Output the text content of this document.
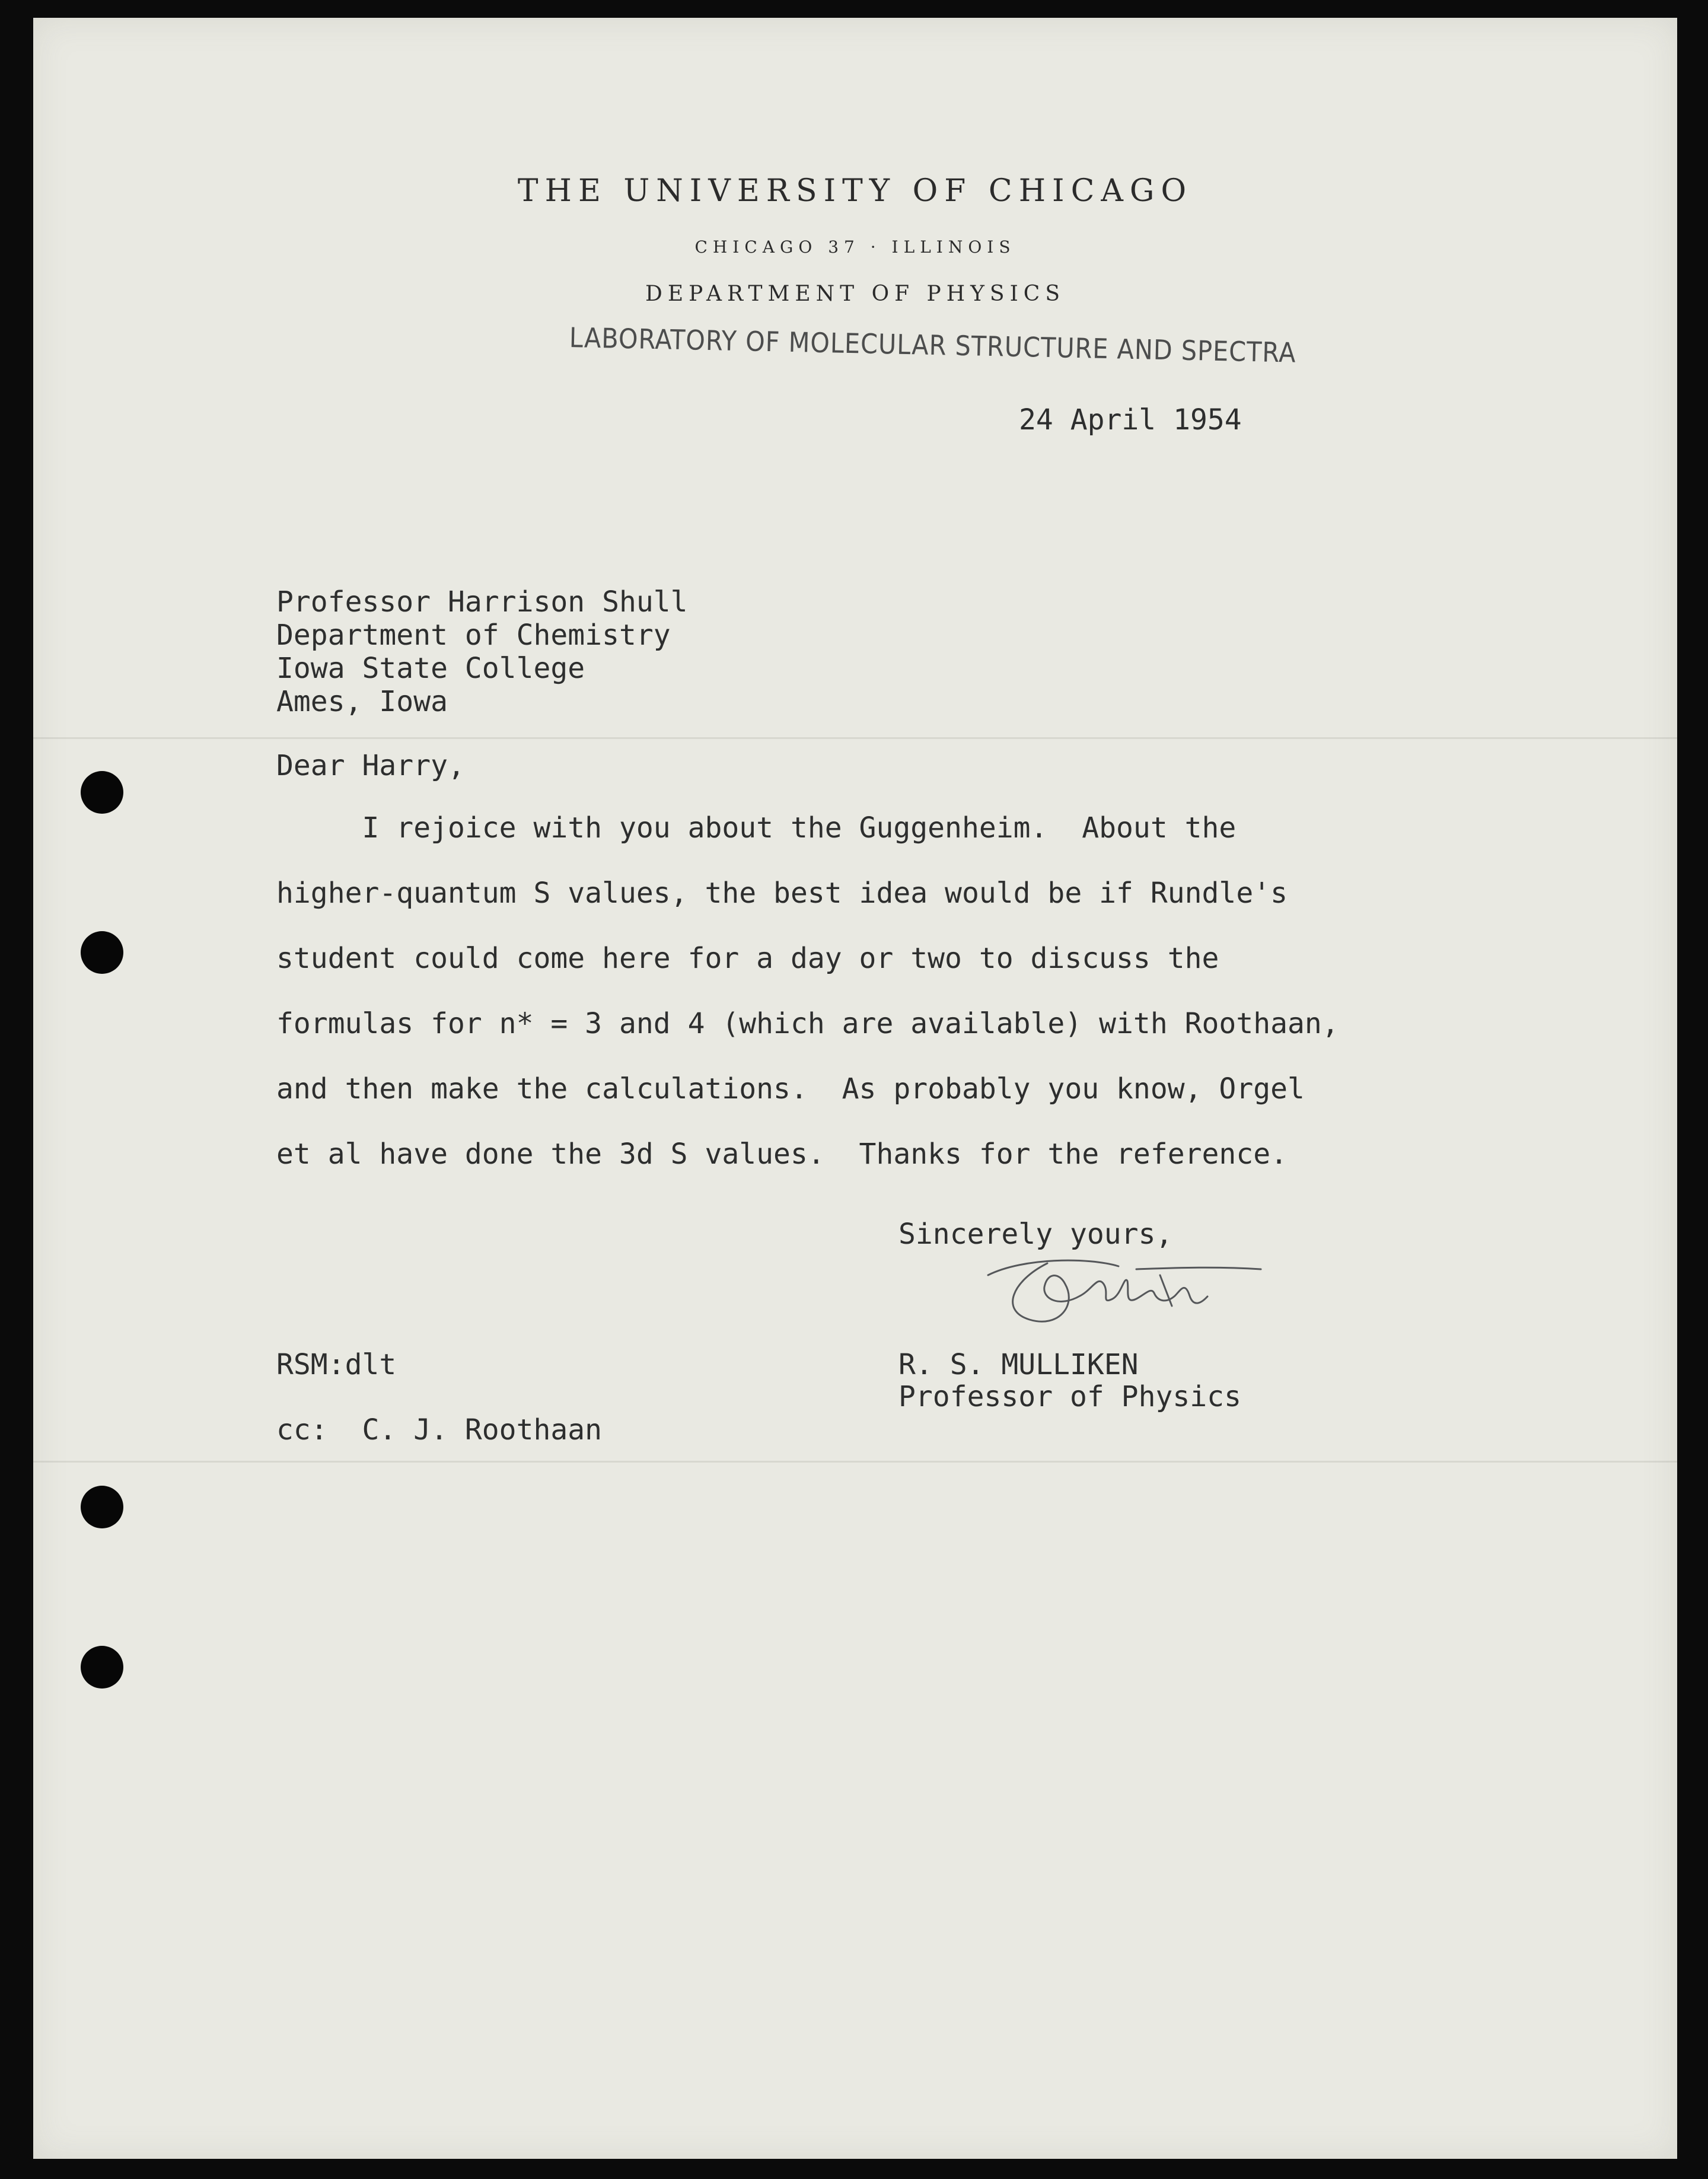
THE UNIVERSITY OF CHICAGO
CHICAGO 37 · ILLINOIS
DEPARTMENT OF PHYSICS
LABORATORY OF MOLECULAR STRUCTURE AND SPECTRA
24 April 1954
Professor Harrison Shull
Department of Chemistry
Iowa State College
Ames, Iowa
Dear Harry,
I rejoice with you about the Guggenheim.  About the
higher-quantum S values, the best idea would be if Rundle's
student could come here for a day or two to discuss the
formulas for n* = 3 and 4 (which are available) with Roothaan,
and then make the calculations.  As probably you know, Orgel
et al have done the 3d S values.  Thanks for the reference.
Sincerely yours,
R. S. MULLIKEN
Professor of Physics
RSM:dlt
cc:  C. J. Roothaan
